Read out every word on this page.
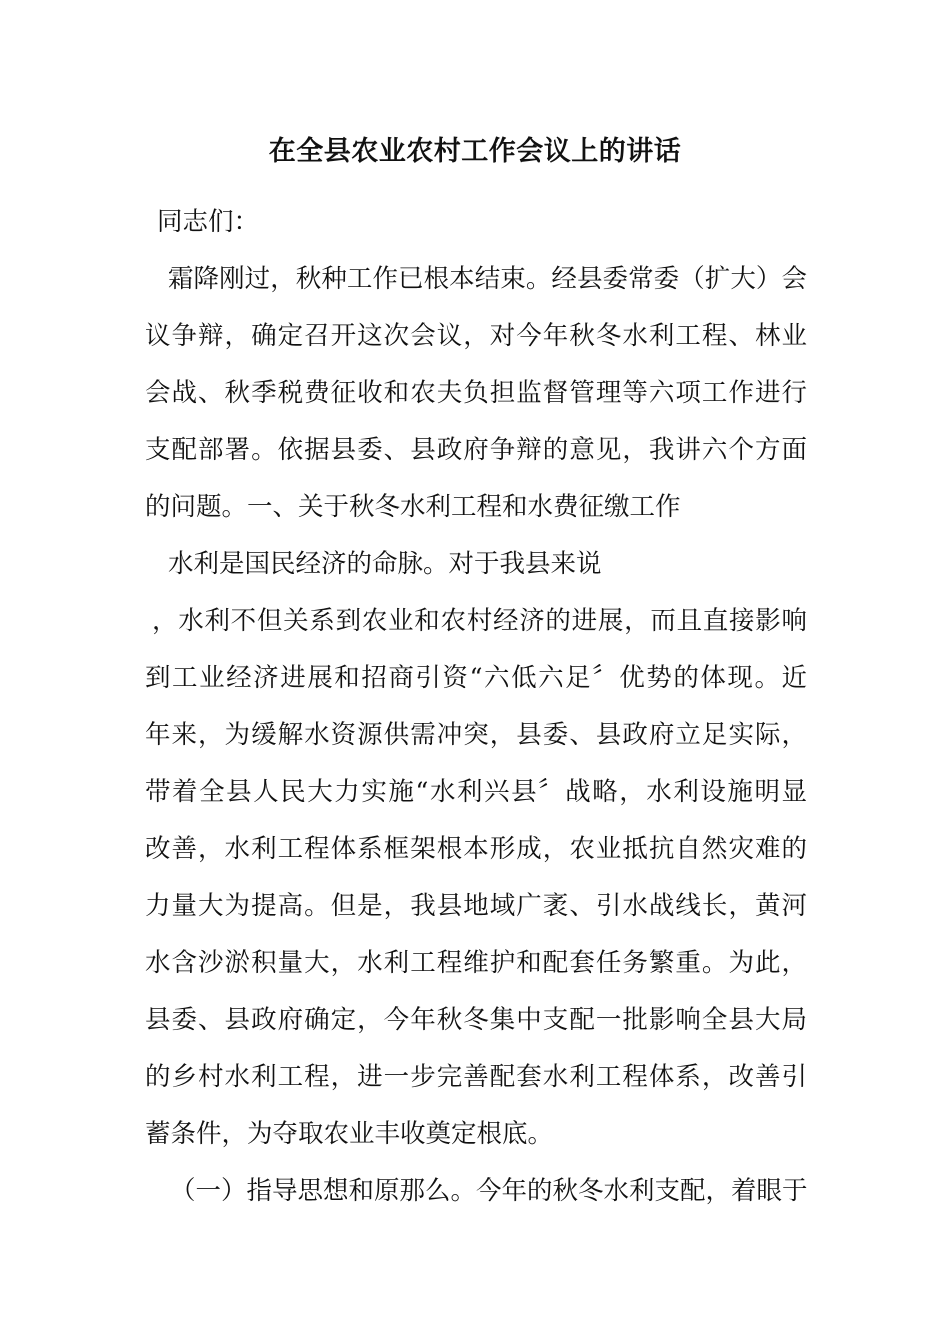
在全县农业农村工作会议上的讲话
同志们：
霜降刚过，秋种工作已根本结束。经县委常委（扩大）会
议争辩，确定召开这次会议，对今年秋冬水利工程、林业
会战、秋季税费征收和农夫负担监督管理等六项工作进行
支配部署。依据县委、县政府争辩的意见，我讲六个方面
的问题。一、关于秋冬水利工程和水费征缴工作
水利是国民经济的命脉。对于我县来说
，水利不但关系到农业和农村经济的进展，而且直接影响
到工业经济进展和招商引资“六低六足〞优势的体现。近
年来，为缓解水资源供需冲突，县委、县政府立足实际，
带着全县人民大力实施“水利兴县〞战略，水利设施明显
改善，水利工程体系框架根本形成，农业抵抗自然灾难的
力量大为提高。但是，我县地域广袤、引水战线长，黄河
水含沙淤积量大，水利工程维护和配套任务繁重。为此，
县委、县政府确定，今年秋冬集中支配一批影响全县大局
的乡村水利工程，进一步完善配套水利工程体系，改善引
蓄条件，为夺取农业丰收奠定根底。
（一）指导思想和原那么。今年的秋冬水利支配，着眼于
